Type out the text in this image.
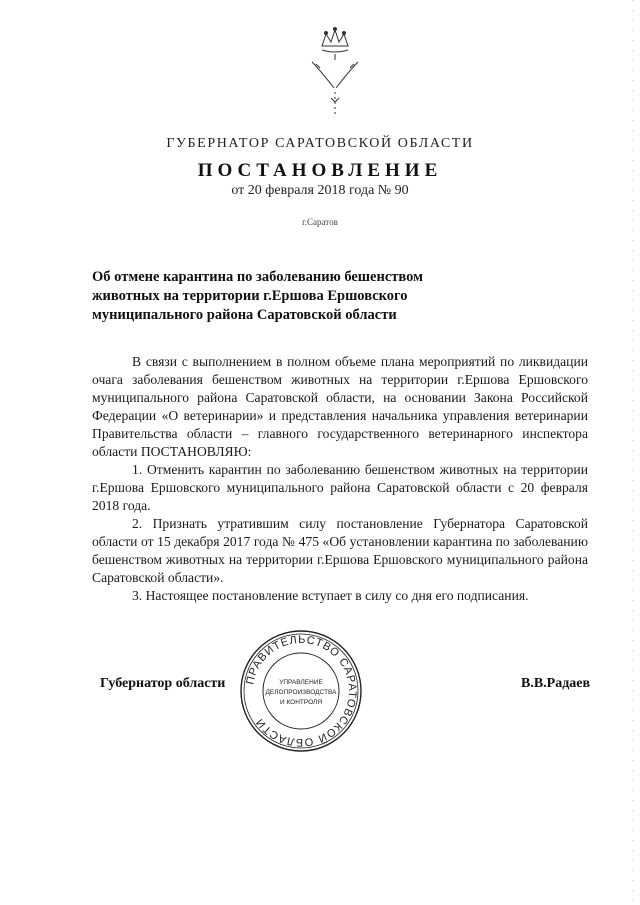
ГУБЕРНАТОР САРАТОВСКОЙ ОБЛАСТИ
ПОСТАНОВЛЕНИЕ
от 20 февраля 2018 года № 90
г.Саратов
Об отмене карантина по заболеванию бешенством животных на территории г.Ершова Ершовского муниципального района Саратовской области

В связи с выполнением в полном объеме плана мероприятий по ликвидации очага заболевания бешенством животных на территории г.Ершова Ершовского муниципального района Саратовской области, на основании Закона Российской Федерации «О ветеринарии» и представления начальника управления ветеринарии Правительства области – главного государственного ветеринарного инспектора области ПОСТАНОВЛЯЮ:

1. Отменить карантин по заболеванию бешенством животных на территории г.Ершова Ершовского муниципального района Саратовской области с 20 февраля 2018 года.

2. Признать утратившим силу постановление Губернатора Саратовской области от 15 декабря 2017 года № 475 «Об установлении карантина по заболеванию бешенством животных на территории г.Ершова Ершовского муниципального района Саратовской области».

3. Настоящее постановление вступает в силу со дня его подписания.

Губернатор области	В.В.Радаев
ПРАВИТЕЛЬСТВО САРАТОВСКОЙ ОБЛАСТИ
УПРАВЛЕНИЕ
ДЕЛОПРОИЗВОДСТВА
И КОНТРОЛЯ
